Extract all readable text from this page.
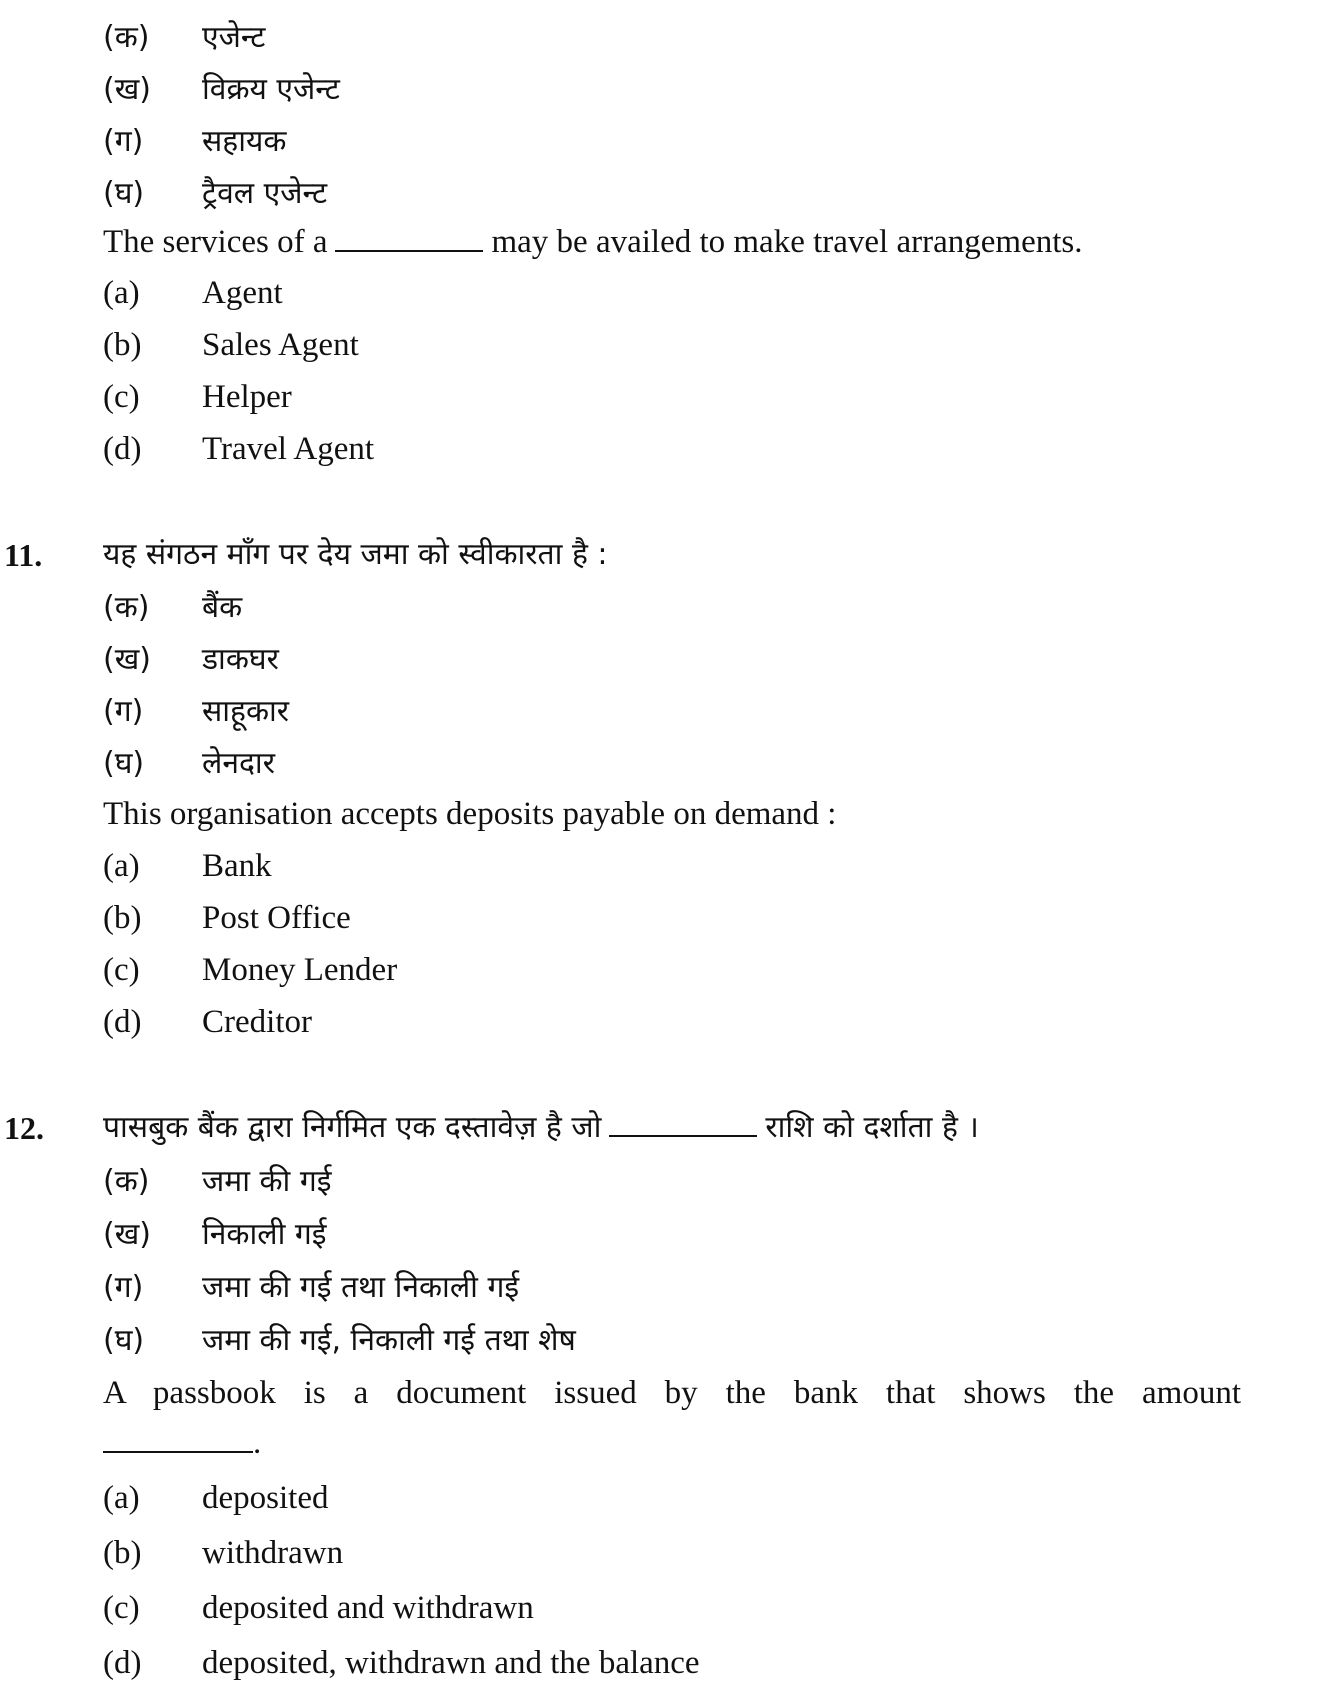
(क) एजेन्ट
(ख) विक्रय एजेन्ट
(ग) सहायक
(घ) ट्रैवल एजेन्ट
The services of a	may be availed to make travel arrangements.
(a) Agent
(b) Sales Agent
(c) Helper
(d) Travel Agent
11. यह संगठन माँग पर देय जमा को स्वीकारता है :
(क) बैंक
(ख) डाकघर
(ग) साहूकार
(घ) लेनदार
This organisation accepts deposits payable on demand :
(a) Bank
(b) Post Office
(c) Money Lender
(d) Creditor
12. पासबुक बैंक द्वारा निर्गमित एक दस्तावेज़ है जो	राशि को दर्शाता है ।
(क) जमा की गई
(ख) निकाली गई
(ग) जमा की गई तथा निकाली गई
(घ) जमा की गई, निकाली गई तथा शेष
A passbook is a document issued by the bank that shows the amount
.
(a) deposited
(b) withdrawn
(c) deposited and withdrawn
(d) deposited, withdrawn and the balance
